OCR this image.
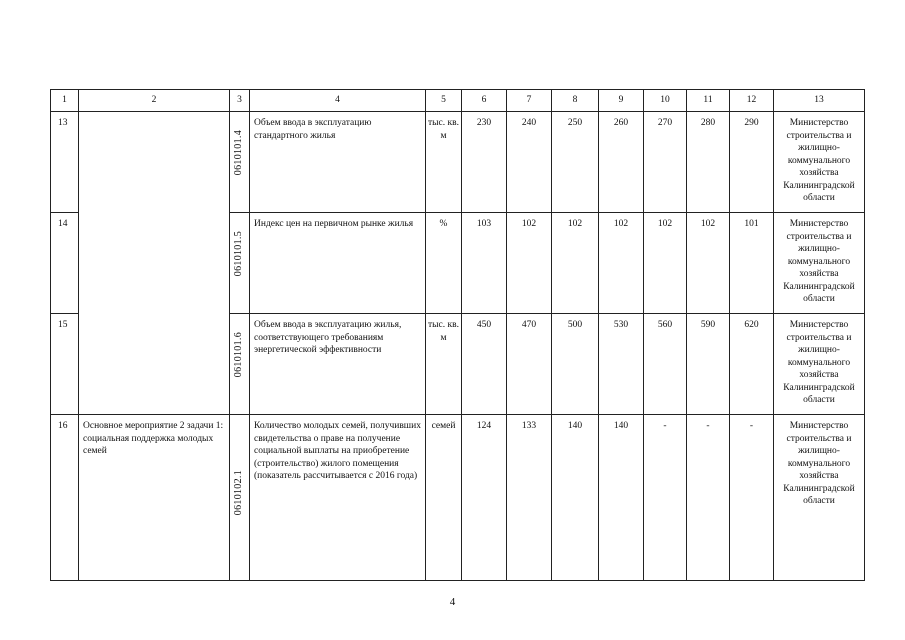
1	2	3	4	5	6	7	8	9	10	11	12	13
13		0610101.4	Объем ввода в эксплуатацию стандартного жилья	тыс. кв. м	230	240	250	260	270	280	290	Министерство строительства и жилищно-коммунального хозяйства Калининградской области
14		0610101.5	Индекс цен на первичном рынке жилья	%	103	102	102	102	102	102	101	Министерство строительства и жилищно-коммунального хозяйства Калининградской области
15		0610101.6	Объем ввода в эксплуатацию жилья, соответствующего требованиям энергетической эффективности	тыс. кв. м	450	470	500	530	560	590	620	Министерство строительства и жилищно-коммунального хозяйства Калининградской области
16	Основное мероприятие 2 задачи 1: социальная поддержка молодых семей	0610102.1	Количество молодых семей, получивших свидетельства о праве на получение социальной выплаты на приобретение (строительство) жилого помещения (показатель рассчитывается с 2016 года)	семей	124	133	140	140	-	-	-	Министерство строительства и жилищно-коммунального хозяйства Калининградской области
4
